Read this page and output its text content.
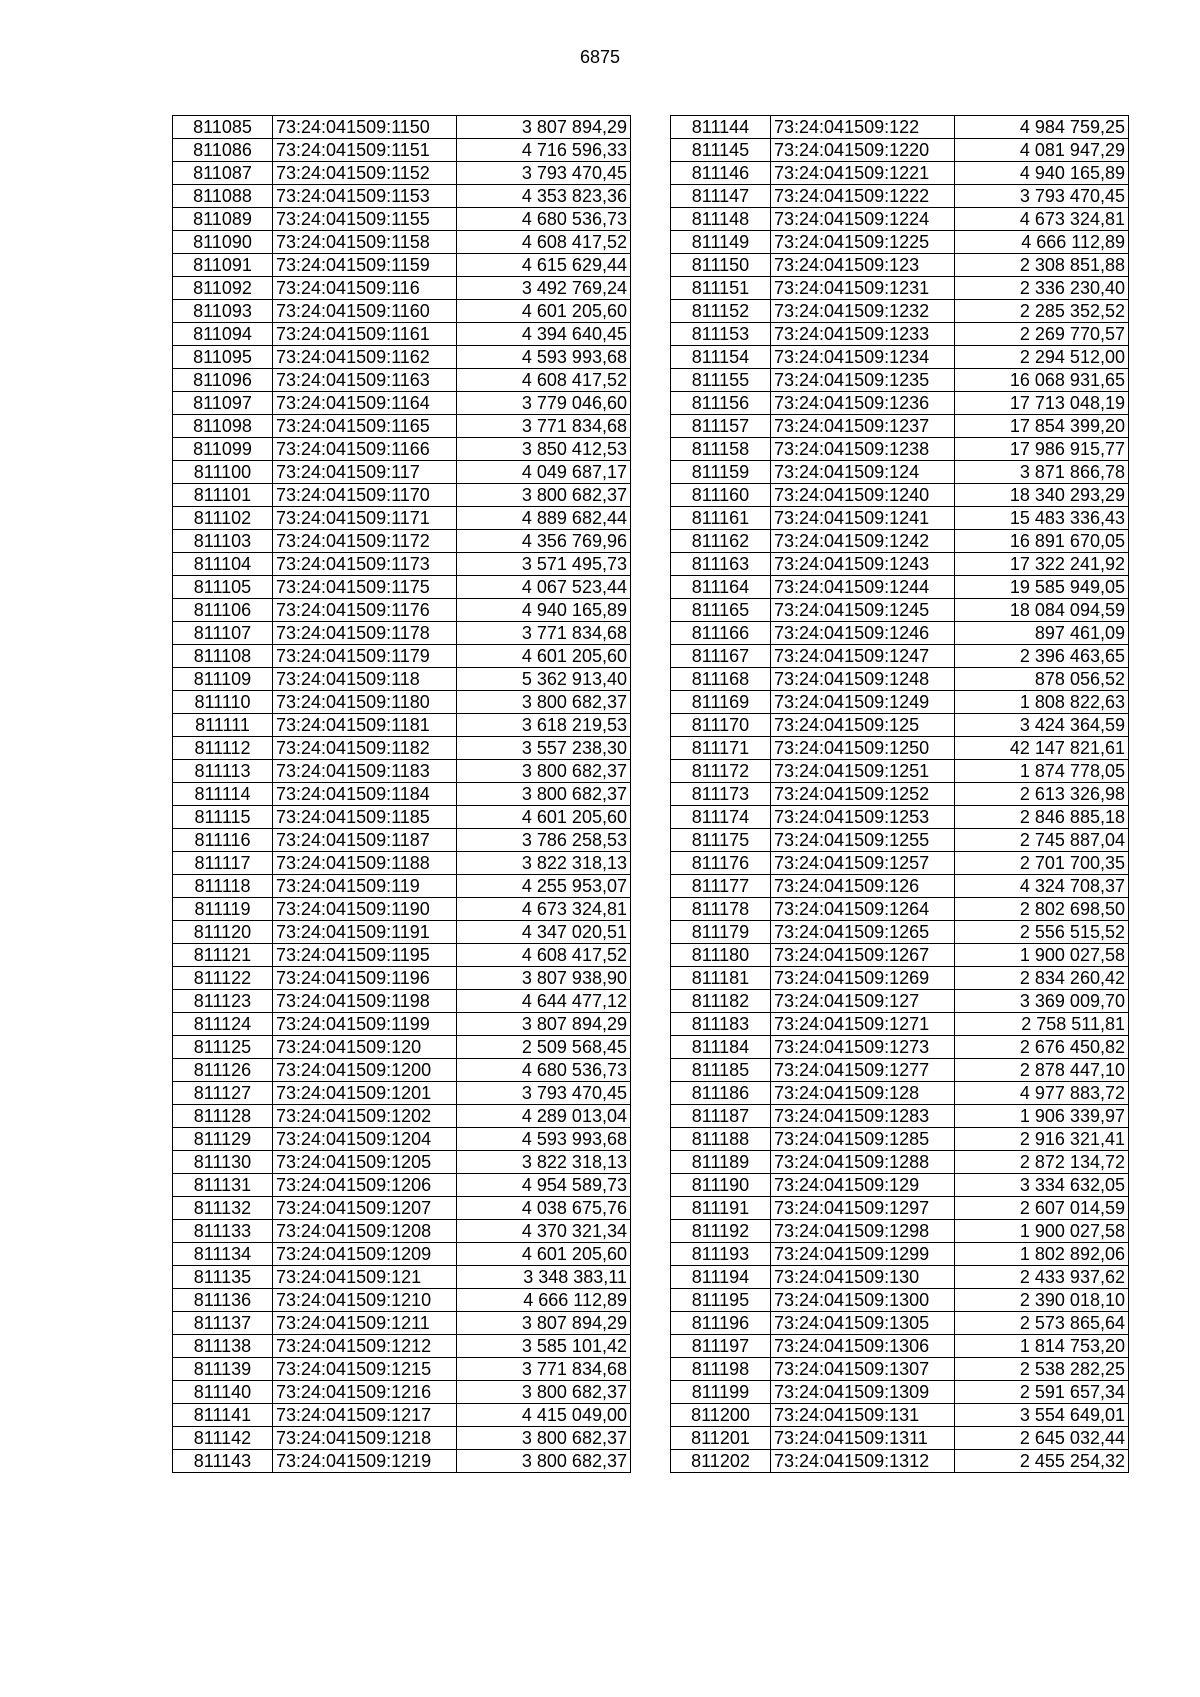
6875
811085	73:24:041509:1150	3 807 894,29
811086	73:24:041509:1151	4 716 596,33
811087	73:24:041509:1152	3 793 470,45
811088	73:24:041509:1153	4 353 823,36
811089	73:24:041509:1155	4 680 536,73
811090	73:24:041509:1158	4 608 417,52
811091	73:24:041509:1159	4 615 629,44
811092	73:24:041509:116	3 492 769,24
811093	73:24:041509:1160	4 601 205,60
811094	73:24:041509:1161	4 394 640,45
811095	73:24:041509:1162	4 593 993,68
811096	73:24:041509:1163	4 608 417,52
811097	73:24:041509:1164	3 779 046,60
811098	73:24:041509:1165	3 771 834,68
811099	73:24:041509:1166	3 850 412,53
811100	73:24:041509:117	4 049 687,17
811101	73:24:041509:1170	3 800 682,37
811102	73:24:041509:1171	4 889 682,44
811103	73:24:041509:1172	4 356 769,96
811104	73:24:041509:1173	3 571 495,73
811105	73:24:041509:1175	4 067 523,44
811106	73:24:041509:1176	4 940 165,89
811107	73:24:041509:1178	3 771 834,68
811108	73:24:041509:1179	4 601 205,60
811109	73:24:041509:118	5 362 913,40
811110	73:24:041509:1180	3 800 682,37
811111	73:24:041509:1181	3 618 219,53
811112	73:24:041509:1182	3 557 238,30
811113	73:24:041509:1183	3 800 682,37
811114	73:24:041509:1184	3 800 682,37
811115	73:24:041509:1185	4 601 205,60
811116	73:24:041509:1187	3 786 258,53
811117	73:24:041509:1188	3 822 318,13
811118	73:24:041509:119	4 255 953,07
811119	73:24:041509:1190	4 673 324,81
811120	73:24:041509:1191	4 347 020,51
811121	73:24:041509:1195	4 608 417,52
811122	73:24:041509:1196	3 807 938,90
811123	73:24:041509:1198	4 644 477,12
811124	73:24:041509:1199	3 807 894,29
811125	73:24:041509:120	2 509 568,45
811126	73:24:041509:1200	4 680 536,73
811127	73:24:041509:1201	3 793 470,45
811128	73:24:041509:1202	4 289 013,04
811129	73:24:041509:1204	4 593 993,68
811130	73:24:041509:1205	3 822 318,13
811131	73:24:041509:1206	4 954 589,73
811132	73:24:041509:1207	4 038 675,76
811133	73:24:041509:1208	4 370 321,34
811134	73:24:041509:1209	4 601 205,60
811135	73:24:041509:121	3 348 383,11
811136	73:24:041509:1210	4 666 112,89
811137	73:24:041509:1211	3 807 894,29
811138	73:24:041509:1212	3 585 101,42
811139	73:24:041509:1215	3 771 834,68
811140	73:24:041509:1216	3 800 682,37
811141	73:24:041509:1217	4 415 049,00
811142	73:24:041509:1218	3 800 682,37
811143	73:24:041509:1219	3 800 682,37
811144	73:24:041509:122	4 984 759,25
811145	73:24:041509:1220	4 081 947,29
811146	73:24:041509:1221	4 940 165,89
811147	73:24:041509:1222	3 793 470,45
811148	73:24:041509:1224	4 673 324,81
811149	73:24:041509:1225	4 666 112,89
811150	73:24:041509:123	2 308 851,88
811151	73:24:041509:1231	2 336 230,40
811152	73:24:041509:1232	2 285 352,52
811153	73:24:041509:1233	2 269 770,57
811154	73:24:041509:1234	2 294 512,00
811155	73:24:041509:1235	16 068 931,65
811156	73:24:041509:1236	17 713 048,19
811157	73:24:041509:1237	17 854 399,20
811158	73:24:041509:1238	17 986 915,77
811159	73:24:041509:124	3 871 866,78
811160	73:24:041509:1240	18 340 293,29
811161	73:24:041509:1241	15 483 336,43
811162	73:24:041509:1242	16 891 670,05
811163	73:24:041509:1243	17 322 241,92
811164	73:24:041509:1244	19 585 949,05
811165	73:24:041509:1245	18 084 094,59
811166	73:24:041509:1246	897 461,09
811167	73:24:041509:1247	2 396 463,65
811168	73:24:041509:1248	878 056,52
811169	73:24:041509:1249	1 808 822,63
811170	73:24:041509:125	3 424 364,59
811171	73:24:041509:1250	42 147 821,61
811172	73:24:041509:1251	1 874 778,05
811173	73:24:041509:1252	2 613 326,98
811174	73:24:041509:1253	2 846 885,18
811175	73:24:041509:1255	2 745 887,04
811176	73:24:041509:1257	2 701 700,35
811177	73:24:041509:126	4 324 708,37
811178	73:24:041509:1264	2 802 698,50
811179	73:24:041509:1265	2 556 515,52
811180	73:24:041509:1267	1 900 027,58
811181	73:24:041509:1269	2 834 260,42
811182	73:24:041509:127	3 369 009,70
811183	73:24:041509:1271	2 758 511,81
811184	73:24:041509:1273	2 676 450,82
811185	73:24:041509:1277	2 878 447,10
811186	73:24:041509:128	4 977 883,72
811187	73:24:041509:1283	1 906 339,97
811188	73:24:041509:1285	2 916 321,41
811189	73:24:041509:1288	2 872 134,72
811190	73:24:041509:129	3 334 632,05
811191	73:24:041509:1297	2 607 014,59
811192	73:24:041509:1298	1 900 027,58
811193	73:24:041509:1299	1 802 892,06
811194	73:24:041509:130	2 433 937,62
811195	73:24:041509:1300	2 390 018,10
811196	73:24:041509:1305	2 573 865,64
811197	73:24:041509:1306	1 814 753,20
811198	73:24:041509:1307	2 538 282,25
811199	73:24:041509:1309	2 591 657,34
811200	73:24:041509:131	3 554 649,01
811201	73:24:041509:1311	2 645 032,44
811202	73:24:041509:1312	2 455 254,32
